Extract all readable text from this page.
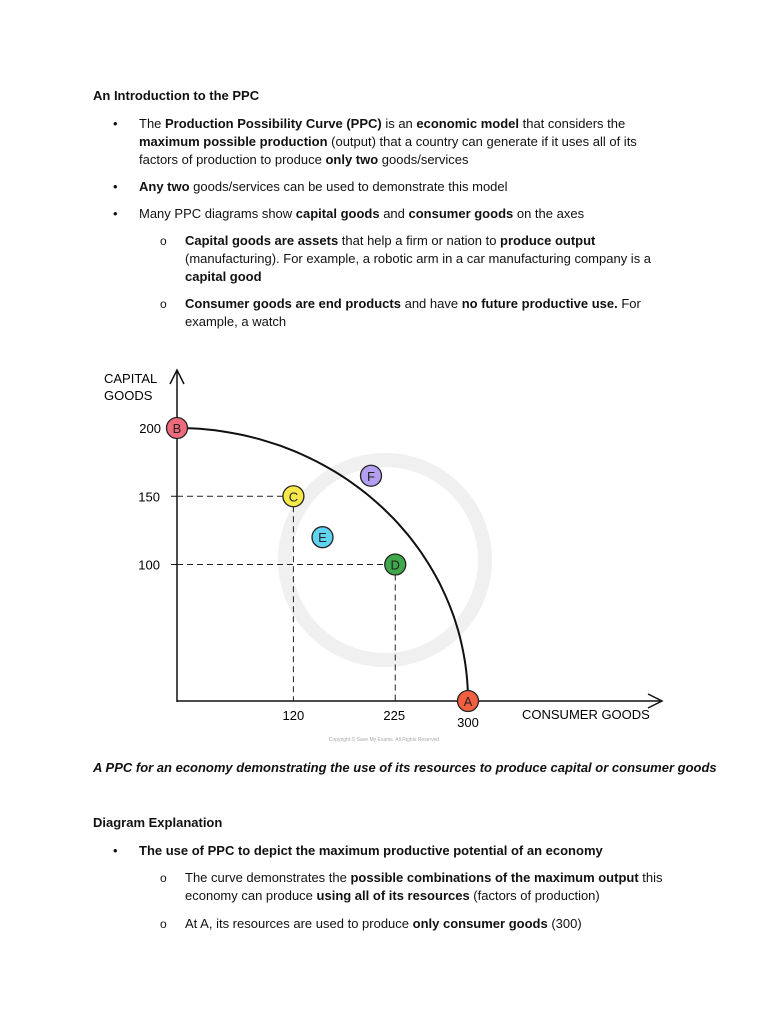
An Introduction to the PPC
• The Production Possibility Curve (PPC) is an economic model that considers the maximum possible production (output) that a country can generate if it uses all of its factors of production to produce only two goods/services
• Any two goods/services can be used to demonstrate this model
• Many PPC diagrams show capital goods and consumer goods on the axes
o Capital goods are assets that help a firm or nation to produce output (manufacturing). For example, a robotic arm in a car manufacturing company is a capital good
o Consumer goods are end products and have no future productive use. For example, a watch
CAPITAL
GOODS
CONSUMER GOODS
200
150
100
120	225	300
B
C
D
A
E
F
Copyright © Save My Exams. All Rights Reserved
A PPC for an economy demonstrating the use of its resources to produce capital or consumer goods
Diagram Explanation
• The use of PPC to depict the maximum productive potential of an economy
o The curve demonstrates the possible combinations of the maximum output this economy can produce using all of its resources (factors of production)
o At A, its resources are used to produce only consumer goods (300)
